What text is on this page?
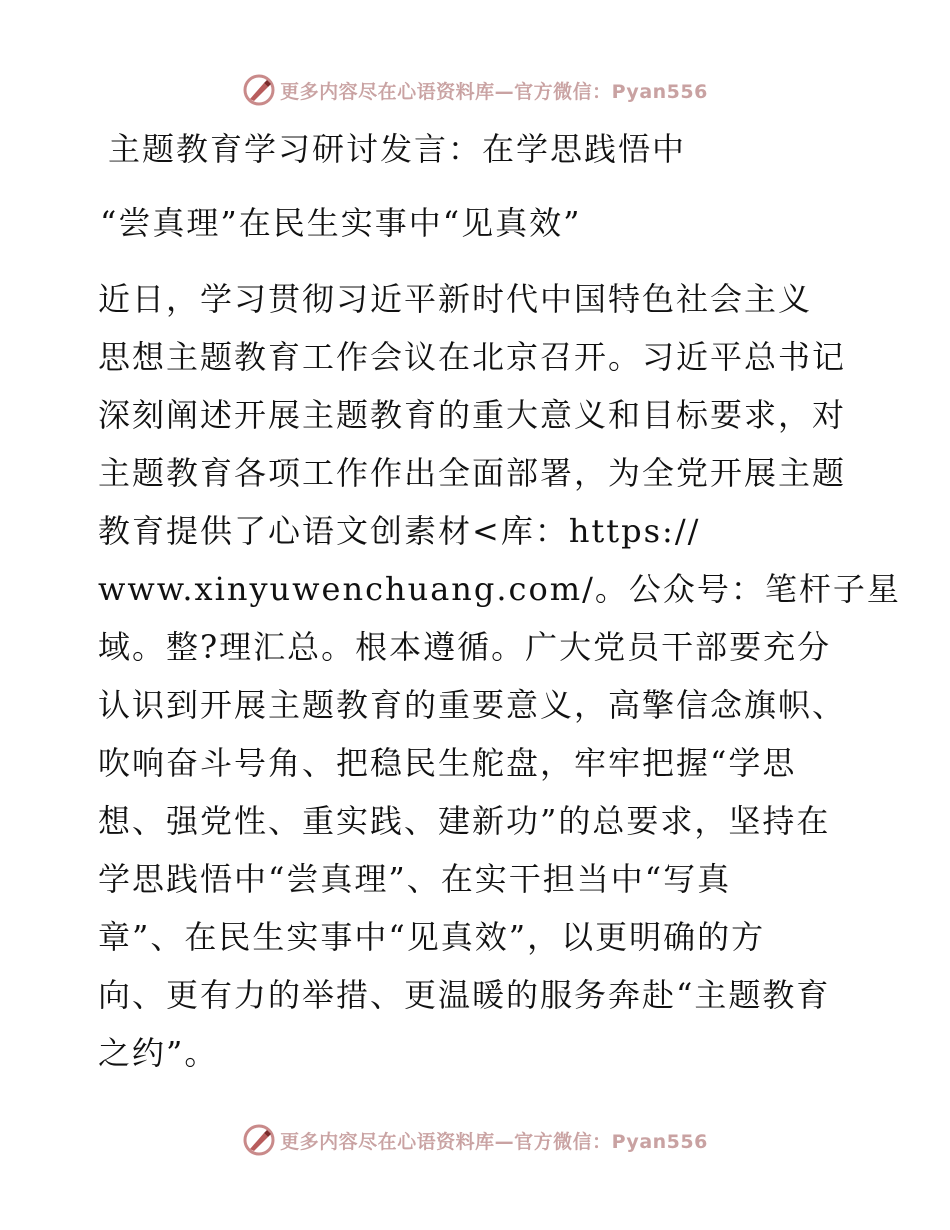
更多内容尽在心语资料库—官方微信：Pyan556
主题教育学习研讨发言：在学思践悟中
“尝真理”在民生实事中“见真效”
近日，学习贯彻习近平新时代中国特色社会主义
思想主题教育工作会议在北京召开。习近平总书记
深刻阐述开展主题教育的重大意义和目标要求，对
主题教育各项工作作出全面部署，为全党开展主题
教育提供了心语文创素材<库：https://
www.xinyuwenchuang.com/。公众号：笔杆子星
域。整?理汇总。根本遵循。广大党员干部要充分
认识到开展主题教育的重要意义，高擎信念旗帜、
吹响奋斗号角、把稳民生舵盘，牢牢把握“学思
想、强党性、重实践、建新功”的总要求，坚持在
学思践悟中“尝真理”、在实干担当中“写真
章”、在民生实事中“见真效”，以更明确的方
向、更有力的举措、更温暖的服务奔赴“主题教育
之约”。
更多内容尽在心语资料库—官方微信：Pyan556
